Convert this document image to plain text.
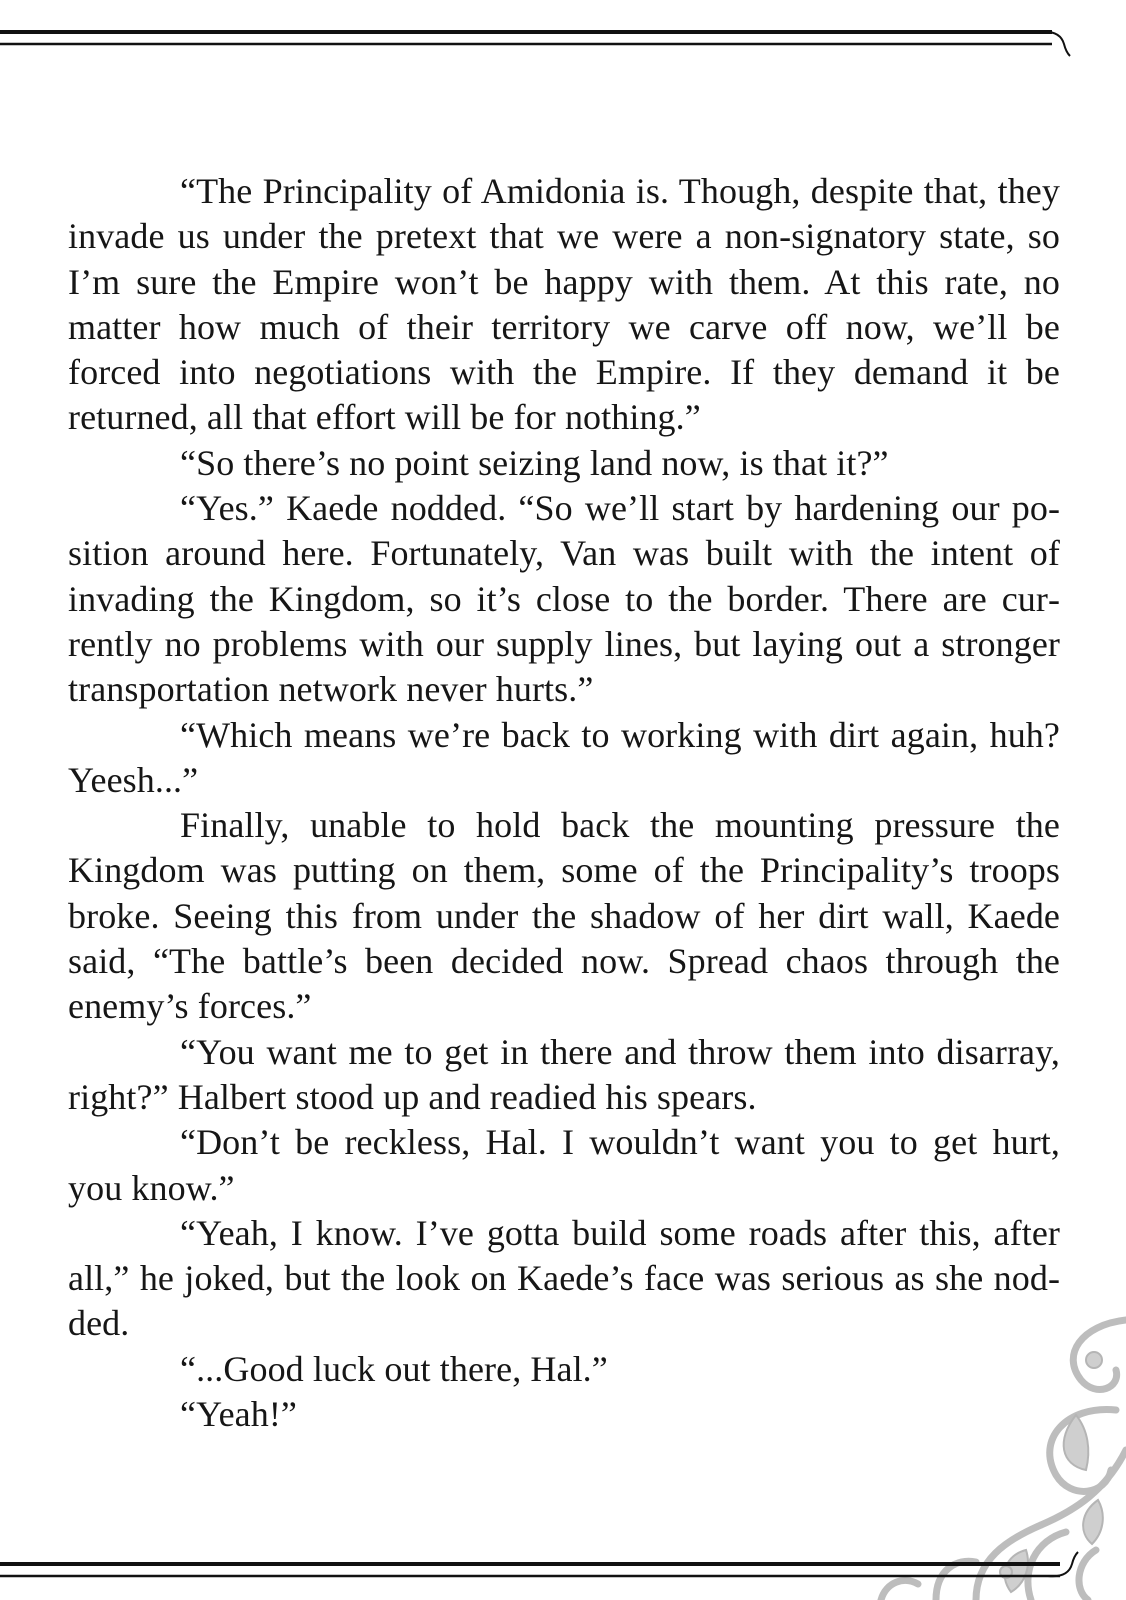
“The Principality of Amidonia is. Though, despite that, they invade us under the pretext that we were a non-signatory state, so I’m sure the Empire won’t be happy with them. At this rate, no matter how much of their territory we carve off now, we’ll be forced into negotiations with the Empire. If they demand it be returned, all that effort will be for nothing.”

“So there’s no point seizing land now, is that it?”

“Yes.” Kaede nodded. “So we’ll start by hardening our position around here. Fortunately, Van was built with the intent of invading the Kingdom, so it’s close to the border. There are currently no problems with our supply lines, but laying out a stronger transportation network never hurts.”

“Which means we’re back to working with dirt again, huh? Yeesh...”

Finally, unable to hold back the mounting pressure the Kingdom was putting on them, some of the Principality’s troops broke. Seeing this from under the shadow of her dirt wall, Kaede said, “The battle’s been decided now. Spread chaos through the enemy’s forces.”

“You want me to get in there and throw them into disarray, right?” Halbert stood up and readied his spears.

“Don’t be reckless, Hal. I wouldn’t want you to get hurt, you know.”

“Yeah, I know. I’ve gotta build some roads after this, after all,” he joked, but the look on Kaede’s face was serious as she nodded.

“...Good luck out there, Hal.”

“Yeah!”
